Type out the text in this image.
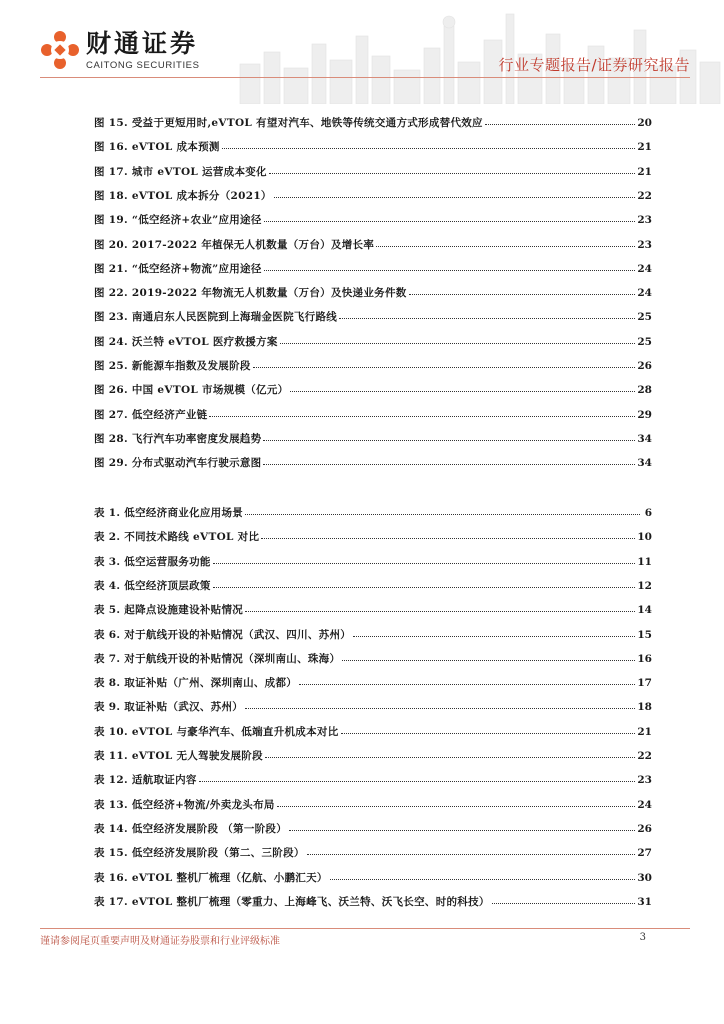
财通证券
CAITONG SECURITIES	行业专题报告/证券研究报告
图 15. 受益于更短用时,eVTOL 有望对汽车、地铁等传统交通方式形成替代效应	20
图 16. eVTOL 成本预测	21
图 17. 城市 eVTOL 运营成本变化	21
图 18. eVTOL 成本拆分（2021）	22
图 19. “低空经济+农业”应用途径	23
图 20. 2017-2022 年植保无人机数量（万台）及增长率	23
图 21. “低空经济+物流”应用途径	24
图 22. 2019-2022 年物流无人机数量（万台）及快递业务件数	24
图 23. 南通启东人民医院到上海瑞金医院飞行路线	25
图 24. 沃兰特 eVTOL 医疗救援方案	25
图 25. 新能源车指数及发展阶段	26
图 26. 中国 eVTOL 市场规模（亿元）	28
图 27. 低空经济产业链	29
图 28. 飞行汽车功率密度发展趋势	34
图 29. 分布式驱动汽车行驶示意图	34
表 1. 低空经济商业化应用场景	6
表 2. 不同技术路线 eVTOL 对比	10
表 3. 低空运营服务功能	11
表 4. 低空经济顶层政策	12
表 5. 起降点设施建设补贴情况	14
表 6. 对于航线开设的补贴情况（武汉、四川、苏州）	15
表 7. 对于航线开设的补贴情况（深圳南山、珠海）	16
表 8. 取证补贴（广州、深圳南山、成都）	17
表 9. 取证补贴（武汉、苏州）	18
表 10. eVTOL 与豪华汽车、低端直升机成本对比	21
表 11. eVTOL 无人驾驶发展阶段	22
表 12. 适航取证内容	23
表 13. 低空经济+物流/外卖龙头布局	24
表 14. 低空经济发展阶段 （第一阶段）	26
表 15. 低空经济发展阶段（第二、三阶段）	27
表 16. eVTOL 整机厂梳理（亿航、小鹏汇天）	30
表 17. eVTOL 整机厂梳理（零重力、上海峰飞、沃兰特、沃飞长空、时的科技）	31
谨请参阅尾页重要声明及财通证券股票和行业评级标准	3
